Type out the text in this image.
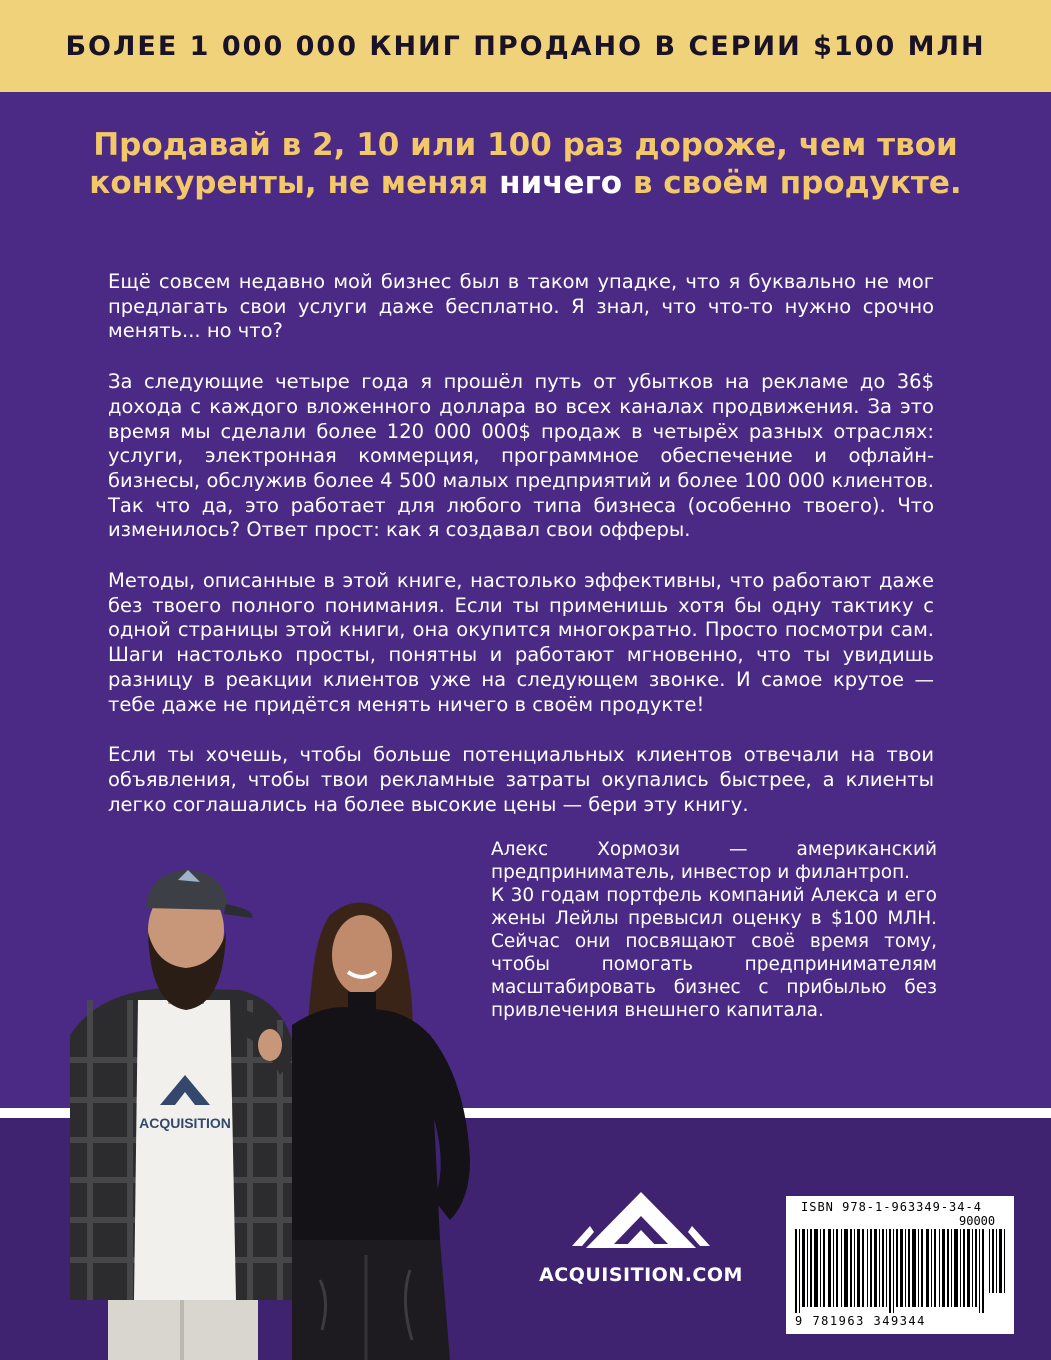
БОЛЕЕ 1 000 000 КНИГ ПРОДАНО В СЕРИИ $100 МЛН
Продавай в 2, 10 или 100 раз дороже, чем твои конкуренты, не меняя ничего в своём продукте.

Ещё совсем недавно мой бизнес был в таком упадке, что я буквально не мог предлагать свои услуги даже бесплатно. Я знал, что что-то нужно срочно менять... но что?

За следующие четыре года я прошёл путь от убытков на рекламе до 36$ дохода с каждого вложенного доллара во всех каналах продвижения. За это время мы сделали более 120 000 000$ продаж в четырёх разных отраслях: услуги, электронная коммерция, программное обеспечение и офлайн-бизнесы, обслужив более 4 500 малых предприятий и более 100 000 клиентов. Так что да, это работает для любого типа бизнеса (особенно твоего). Что изменилось? Ответ прост: как я создавал свои офферы.

Методы, описанные в этой книге, настолько эффективны, что работают даже без твоего полного понимания. Если ты применишь хотя бы одну тактику с одной страницы этой книги, она окупится многократно. Просто посмотри сам. Шаги настолько просты, понятны и работают мгновенно, что ты увидишь разницу в реакции клиентов уже на следующем звонке. И самое крутое — тебе даже не придётся менять ничего в своём продукте!

Если ты хочешь, чтобы больше потенциальных клиентов отвечали на твои объявления, чтобы твои рекламные затраты окупались быстрее, а клиенты легко соглашались на более высокие цены — бери эту книгу.

Алекс Хормози — американский предприниматель, инвестор и филантроп.

К 30 годам портфель компаний Алекса и его жены Лейлы превысил оценку в $100 МЛН. Сейчас они посвящают своё время тому, чтобы помогать предпринимателям масштабировать бизнес с прибылью без привлечения внешнего капитала.

ACQUISITION
ACQUISITION.COM
ISBN 978-1-963349-34-4
90000
9 781963 349344
